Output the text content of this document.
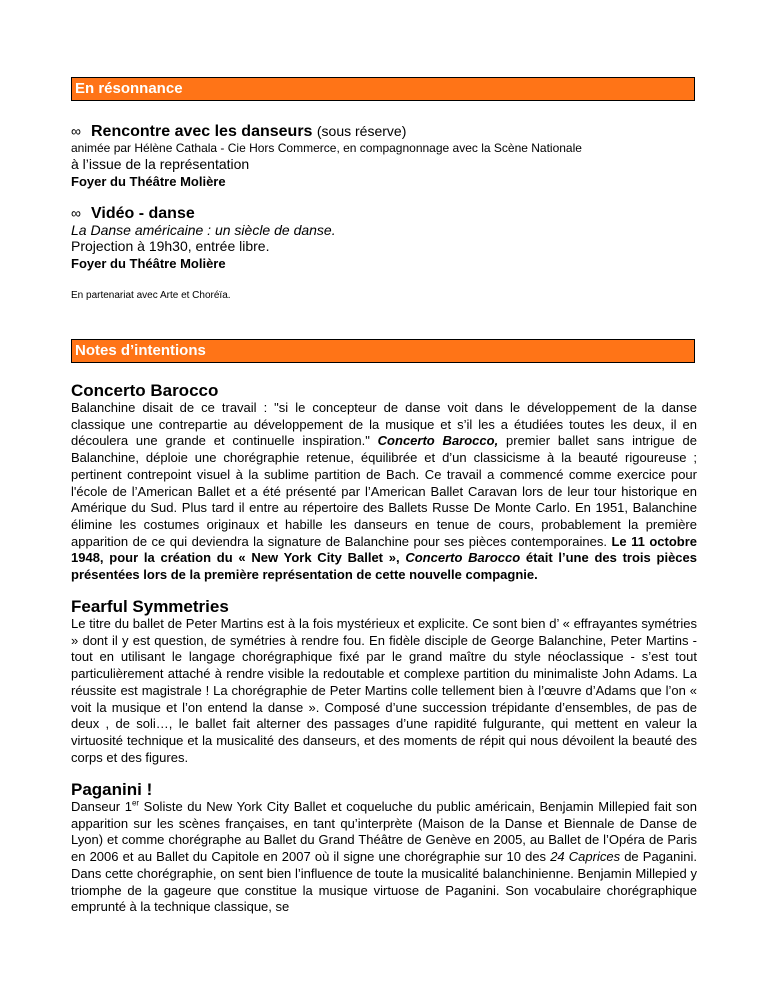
En résonnance
∞ Rencontre avec les danseurs (sous réserve)
animée par Hélène Cathala - Cie Hors Commerce, en compagnonnage avec la Scène Nationale
à l’issue de la représentation
Foyer du Théâtre Molière
∞ Vidéo - danse
La Danse américaine : un siècle de danse.
Projection à 19h30, entrée libre.
Foyer du Théâtre Molière
En partenariat avec Arte et Choréïa.
Notes d’intentions
Concerto Barocco

Balanchine disait de ce travail : "si le concepteur de danse voit dans le développement de la danse classique une contrepartie au développement de la musique et s’il les a étudiées toutes les deux, il en découlera une grande et continuelle inspiration." Concerto Barocco, premier ballet sans intrigue de Balanchine, déploie une chorégraphie retenue, équilibrée et d’un classicisme à la beauté rigoureuse ; pertinent contrepoint visuel à la sublime partition de Bach. Ce travail a commencé comme exercice pour l'école de l’American Ballet et a été présenté par l’American Ballet Caravan lors de leur tour historique en Amérique du Sud. Plus tard il entre au répertoire des Ballets Russe De Monte Carlo. En 1951, Balanchine élimine les costumes originaux et habille les danseurs en tenue de cours, probablement la première apparition de ce qui deviendra la signature de Balanchine pour ses pièces contemporaines. Le 11 octobre 1948, pour la création du « New York City Ballet », Concerto Barocco était l’une des trois pièces présentées lors de la première représentation de cette nouvelle compagnie.

Fearful Symmetries

Le titre du ballet de Peter Martins est à la fois mystérieux et explicite. Ce sont bien d’ « effrayantes symétries » dont il y est question, de symétries à rendre fou. En fidèle disciple de George Balanchine, Peter Martins - tout en utilisant le langage chorégraphique fixé par le grand maître du style néoclassique - s’est tout particulièrement attaché à rendre visible la redoutable et complexe partition du minimaliste John Adams. La réussite est magistrale ! La chorégraphie de Peter Martins colle tellement bien à l’œuvre d’Adams que l’on « voit la musique et l’on entend la danse ». Composé d’une succession trépidante d’ensembles, de pas de deux , de soli…, le ballet fait alterner des passages d’une rapidité fulgurante, qui mettent en valeur la virtuosité technique et la musicalité des danseurs, et des moments de répit qui nous dévoilent la beauté des corps et des figures.

Paganini !

Danseur 1er Soliste du New York City Ballet et coqueluche du public américain, Benjamin Millepied fait son apparition sur les scènes françaises, en tant qu’interprète (Maison de la Danse et Biennale de Danse de Lyon) et comme chorégraphe au Ballet du Grand Théâtre de Genève en 2005, au Ballet de l’Opéra de Paris en 2006 et au Ballet du Capitole en 2007 où il signe une chorégraphie sur 10 des 24 Caprices de Paganini. Dans cette chorégraphie, on sent bien l’influence de toute la musicalité balanchinienne. Benjamin Millepied y triomphe de la gageure que constitue la musique virtuose de Paganini. Son vocabulaire chorégraphique emprunté à la technique classique, se
